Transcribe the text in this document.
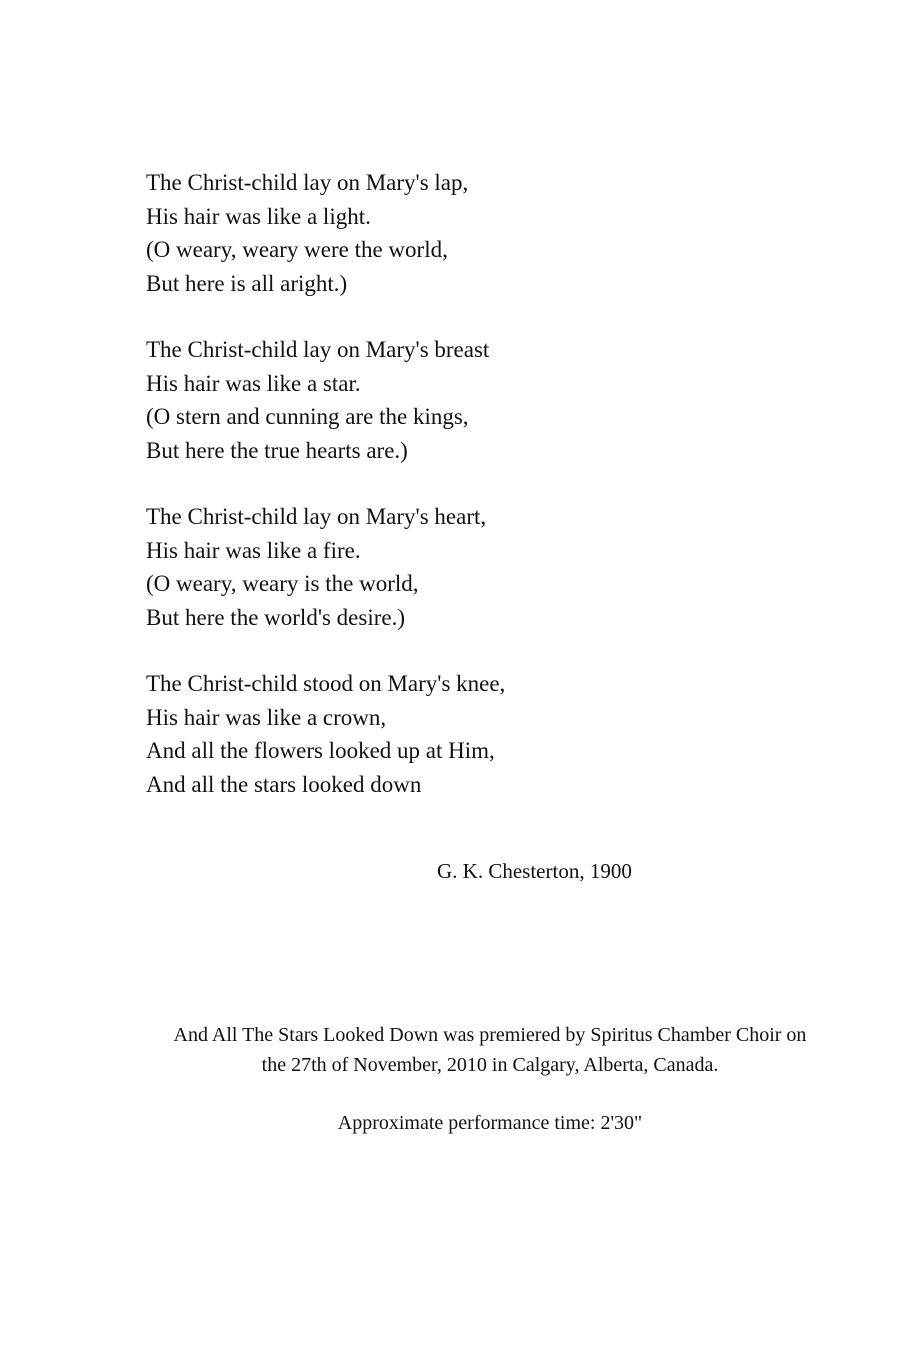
The Christ-child lay on Mary's lap,
His hair was like a light.
(O weary, weary were the world,
But here is all aright.)
The Christ-child lay on Mary's breast
His hair was like a star.
(O stern and cunning are the kings,
But here the true hearts are.)
The Christ-child lay on Mary's heart,
His hair was like a fire.
(O weary, weary is the world,
But here the world's desire.)
The Christ-child stood on Mary's knee,
His hair was like a crown,
And all the flowers looked up at Him,
And all the stars looked down
G. K. Chesterton, 1900
And All The Stars Looked Down was premiered by Spiritus Chamber Choir on
the 27th of November, 2010 in Calgary, Alberta, Canada.
Approximate performance time: 2'30"
